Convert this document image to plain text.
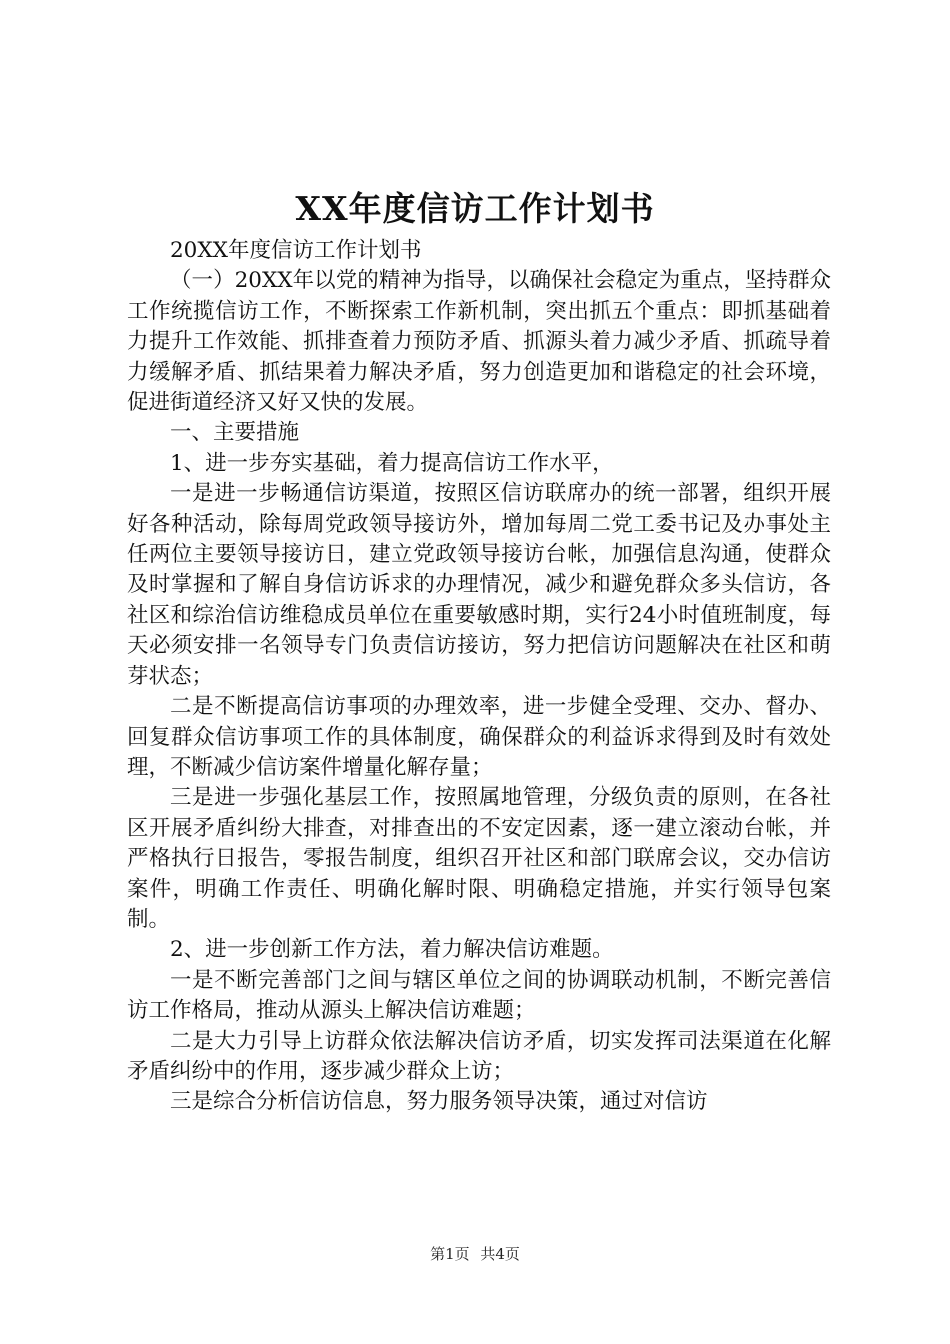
XX年度信访工作计划书

20XX年度信访工作计划书

（一）20XX年以党的精神为指导，以确保社会稳定为重点，坚持群众工作统揽信访工作，不断探索工作新机制，突出抓五个重点：即抓基础着力提升工作效能、抓排查着力预防矛盾、抓源头着力减少矛盾、抓疏导着力缓解矛盾、抓结果着力解决矛盾，努力创造更加和谐稳定的社会环境，促进街道经济又好又快的发展。

一、主要措施

1、进一步夯实基础，着力提高信访工作水平，

一是进一步畅通信访渠道，按照区信访联席办的统一部署，组织开展好各种活动，除每周党政领导接访外，增加每周二党工委书记及办事处主任两位主要领导接访日，建立党政领导接访台帐，加强信息沟通，使群众及时掌握和了解自身信访诉求的办理情况，减少和避免群众多头信访，各社区和综治信访维稳成员单位在重要敏感时期，实行24小时值班制度，每天必须安排一名领导专门负责信访接访，努力把信访问题解决在社区和萌芽状态；

二是不断提高信访事项的办理效率，进一步健全受理、交办、督办、回复群众信访事项工作的具体制度，确保群众的利益诉求得到及时有效处理，不断减少信访案件增量化解存量；

三是进一步强化基层工作，按照属地管理，分级负责的原则，在各社区开展矛盾纠纷大排查，对排查出的不安定因素，逐一建立滚动台帐，并严格执行日报告，零报告制度，组织召开社区和部门联席会议，交办信访案件，明确工作责任、明确化解时限、明确稳定措施，并实行领导包案制。

2、进一步创新工作方法，着力解决信访难题。

一是不断完善部门之间与辖区单位之间的协调联动机制，不断完善信访工作格局，推动从源头上解决信访难题；

二是大力引导上访群众依法解决信访矛盾，切实发挥司法渠道在化解矛盾纠纷中的作用，逐步减少群众上访；

三是综合分析信访信息，努力服务领导决策，通过对信访

第1页 共4页
